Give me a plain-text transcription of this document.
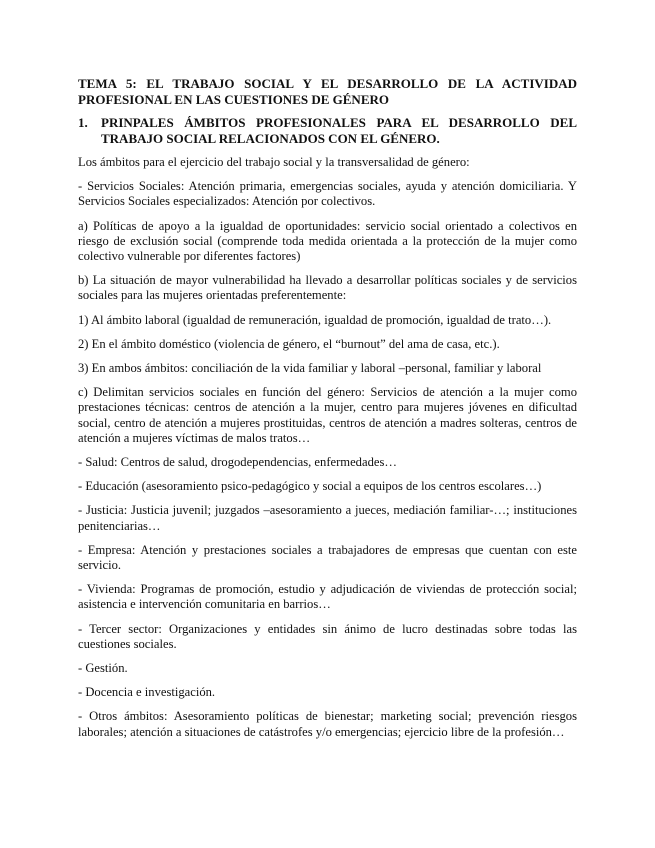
TEMA 5: EL TRABAJO SOCIAL Y EL DESARROLLO DE LA ACTIVIDAD PROFESIONAL EN LAS CUESTIONES DE GÉNERO
1.	PRINPALES ÁMBITOS PROFESIONALES PARA EL DESARROLLO DEL TRABAJO SOCIAL RELACIONADOS CON EL GÉNERO.

Los ámbitos para el ejercicio del trabajo social y la transversalidad de género:

- Servicios Sociales: Atención primaria, emergencias sociales, ayuda y atención domiciliaria. Y Servicios Sociales especializados: Atención por colectivos.

a) Políticas de apoyo a la igualdad de oportunidades: servicio social orientado a colectivos en riesgo de exclusión social (comprende toda medida orientada a la protección de la mujer como colectivo vulnerable por diferentes factores)

b) La situación de mayor vulnerabilidad ha llevado a desarrollar políticas sociales y de servicios sociales para las mujeres orientadas preferentemente:

1) Al ámbito laboral (igualdad de remuneración, igualdad de promoción, igualdad de trato…).

2) En el ámbito doméstico (violencia de género, el “burnout” del ama de casa, etc.).

3) En ambos ámbitos: conciliación de la vida familiar y laboral –personal, familiar y laboral

c) Delimitan servicios sociales en función del género: Servicios de atención a la mujer como prestaciones técnicas: centros de atención a la mujer, centro para mujeres jóvenes en dificultad social, centro de atención a mujeres prostituidas, centros de atención a madres solteras, centros de atención a mujeres víctimas de malos tratos…

- Salud: Centros de salud, drogodependencias, enfermedades…

- Educación (asesoramiento psico-pedagógico y social a equipos de los centros escolares…)

- Justicia: Justicia juvenil; juzgados –asesoramiento a jueces, mediación familiar-…; instituciones penitenciarias…

- Empresa: Atención y prestaciones sociales a trabajadores de empresas que cuentan con este servicio.

- Vivienda: Programas de promoción, estudio y adjudicación de viviendas de protección social; asistencia e intervención comunitaria en barrios…

- Tercer sector: Organizaciones y entidades sin ánimo de lucro destinadas sobre todas las cuestiones sociales.

- Gestión.

- Docencia e investigación.

- Otros ámbitos: Asesoramiento políticas de bienestar; marketing social; prevención riesgos laborales; atención a situaciones de catástrofes y/o emergencias; ejercicio libre de la profesión…
